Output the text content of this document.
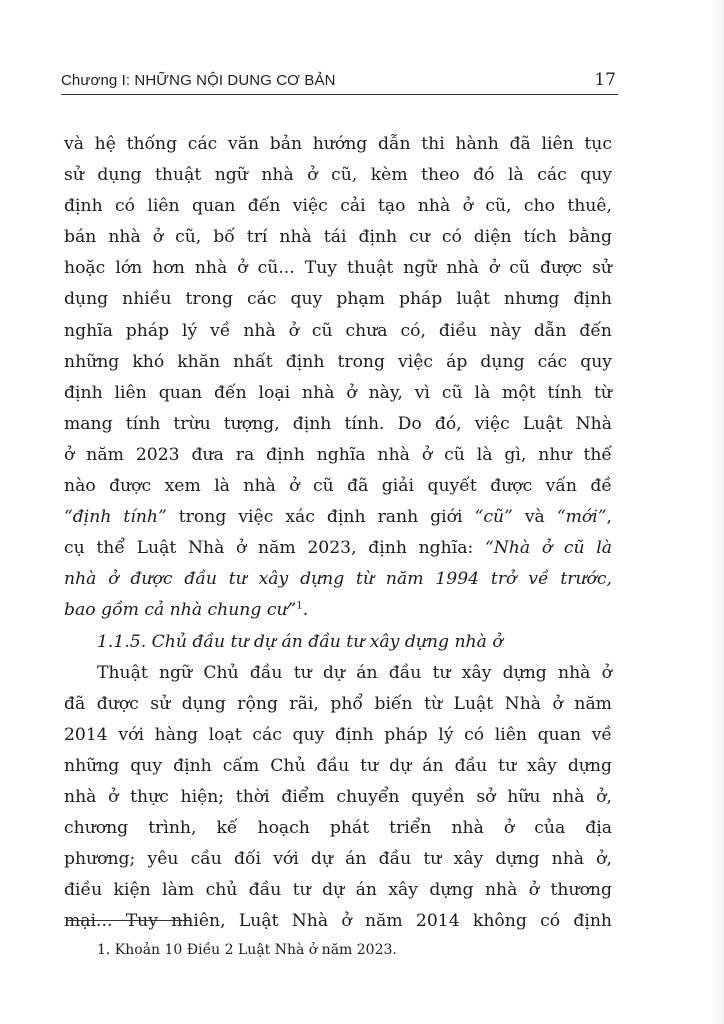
Chương I: NHỮNG NỘI DUNG CƠ BẢN	17
và hệ thống các văn bản hướng dẫn thi hành đã liên tục
sử dụng thuật ngữ nhà ở cũ, kèm theo đó là các quy
định có liên quan đến việc cải tạo nhà ở cũ, cho thuê,
bán nhà ở cũ, bố trí nhà tái định cư có diện tích bằng
hoặc lớn hơn nhà ở cũ... Tuy thuật ngữ nhà ở cũ được sử
dụng nhiều trong các quy phạm pháp luật nhưng định
nghĩa pháp lý về nhà ở cũ chưa có, điều này dẫn đến
những khó khăn nhất định trong việc áp dụng các quy
định liên quan đến loại nhà ở này, vì cũ là một tính từ
mang tính trừu tượng, định tính. Do đó, việc Luật Nhà
ở năm 2023 đưa ra định nghĩa nhà ở cũ là gì, như thế
nào được xem là nhà ở cũ đã giải quyết được vấn đề
“định tính” trong việc xác định ranh giới “cũ” và “mới”,
cụ thể Luật Nhà ở năm 2023, định nghĩa: “Nhà ở cũ là
nhà ở được đầu tư xây dựng từ năm 1994 trở về trước,
bao gồm cả nhà chung cư”$^1$.
1.1.5. Chủ đầu tư dự án đầu tư xây dựng nhà ở
Thuật ngữ Chủ đầu tư dự án đầu tư xây dựng nhà ở
đã được sử dụng rộng rãi, phổ biến từ Luật Nhà ở năm
2014 với hàng loạt các quy định pháp lý có liên quan về
những quy định cấm Chủ đầu tư dự án đầu tư xây dựng
nhà ở thực hiện; thời điểm chuyển quyền sở hữu nhà ở,
chương trình, kế hoạch phát triển nhà ở của địa
phương; yêu cầu đối với dự án đầu tư xây dựng nhà ở,
điều kiện làm chủ đầu tư dự án xây dựng nhà ở thương
mại... Tuy nhiên, Luật Nhà ở năm 2014 không có định
1. Khoản 10 Điều 2 Luật Nhà ở năm 2023.
